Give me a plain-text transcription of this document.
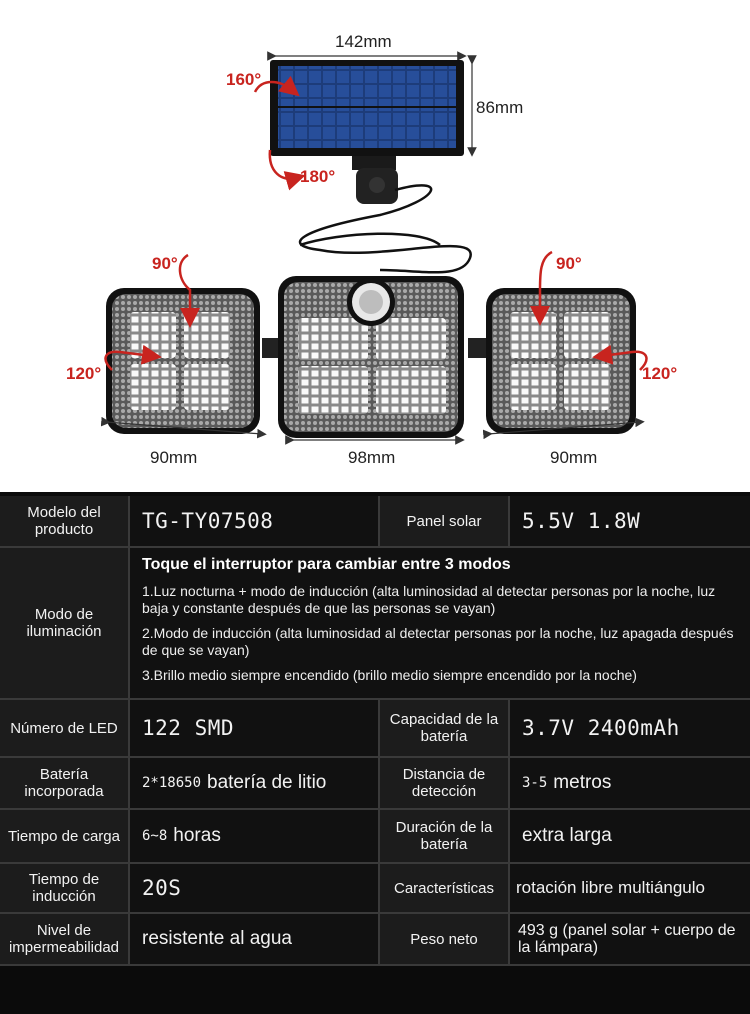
142mm
86mm
160°
180°
90°
120°
90°
120°
90mm	98mm	90mm
Modelo del producto	TG-TY07508	Panel solar	5.5V 1.8W
Modo de iluminación
Toque el interruptor para cambiar entre 3 modos
1.Luz nocturna + modo de inducción (alta luminosidad al detectar personas por la noche, luz baja y constante después de que las personas se vayan)
2.Modo de inducción (alta luminosidad al detectar personas por la noche, luz apagada después de que se vayan)
3.Brillo medio siempre encendido (brillo medio siempre encendido por la noche)
Número de LED	122 SMD	Capacidad de la batería	3.7V 2400mAh
Batería incorporada	2*18650 batería de litio	Distancia de detección	3-5 metros
Tiempo de carga	6~8 horas	Duración de la batería	extra larga
Tiempo de inducción	20S	Características	rotación libre multiángulo
Nivel de impermeabilidad	resistente al agua	Peso neto	493 g (panel solar + cuerpo de la lámpara)
